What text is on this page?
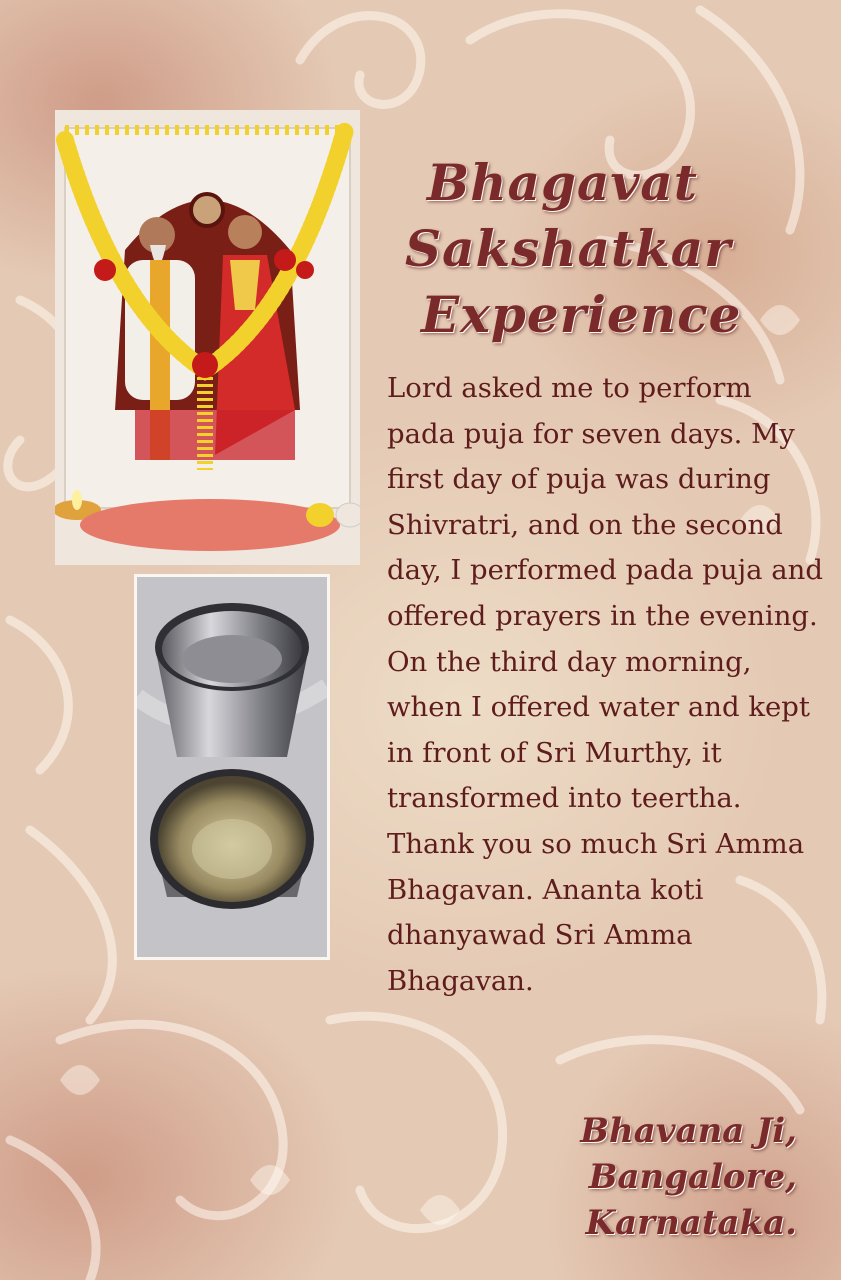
Bhagavat
Sakshatkar
Experience
Lord asked me to perform pada puja for seven days. My first day of puja was during Shivratri, and on the second day, I performed pada puja and offered prayers in the evening. On the third day morning, when I offered water and kept in front of Sri Murthy, it transformed into teertha. Thank you so much Sri Amma Bhagavan. Ananta koti dhanyawad Sri Amma Bhagavan.
Bhavana Ji,
Bangalore,
Karnataka.
